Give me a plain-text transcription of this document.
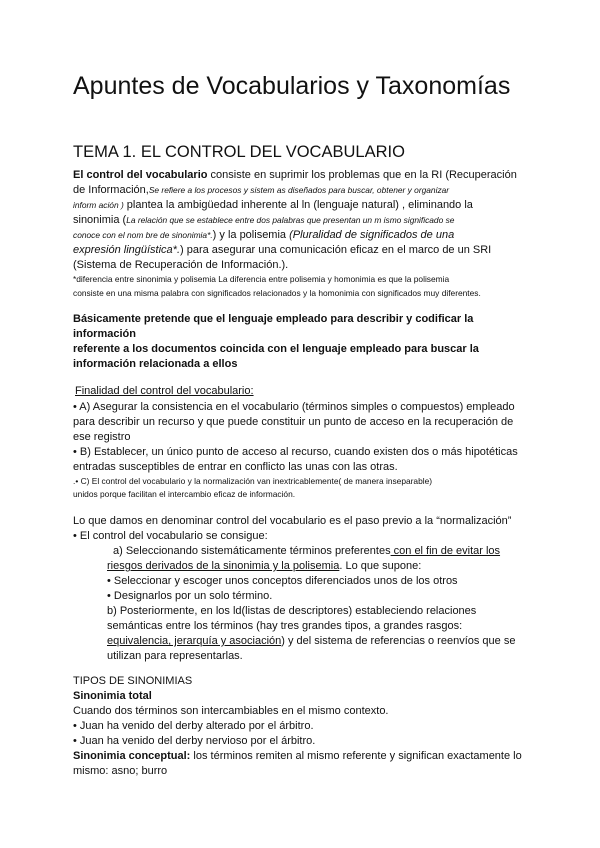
Apuntes de Vocabularios y Taxonomías
TEMA 1. EL CONTROL DEL VOCABULARIO
El control del vocabulario consiste en suprimir los problemas que en la RI (Recuperación
de Información,Se refiere a los procesos y sistem as diseñados para buscar, obtener y organizar
inform ación ) plantea la ambigüedad inherente al ln (lenguaje natural) , eliminando la
sinonimia (La relación que se establece entre dos palabras que presentan un m ismo significado se
conoce con el nom bre de sinonimia*.) y la polisemia (Pluralidad de significados de una
expresión lingüística*.) para asegurar una comunicación eficaz en el marco de un SRI
(Sistema de Recuperación de Información.).
*diferencia entre sinonimia y polisemia La diferencia entre polisemia y homonimia es que la polisemia
consiste en una misma palabra con significados relacionados y la homonimia con significados muy diferentes.
Básicamente pretende que el lenguaje empleado para describir y codificar la
información
referente a los documentos coincida con el lenguaje empleado para buscar la
información relacionada a ellos
Finalidad del control del vocabulario:
• A) Asegurar la consistencia en el vocabulario (términos simples o compuestos) empleado
para describir un recurso y que puede constituir un punto de acceso en la recuperación de
ese registro
• B) Establecer, un único punto de acceso al recurso, cuando existen dos o más hipotéticas
entradas susceptibles de entrar en conflicto las unas con las otras.
.• C) El control del vocabulario y la normalización van inextricablemente( de manera inseparable)
unidos porque facilitan el intercambio eficaz de información.
Lo que damos en denominar control del vocabulario es el paso previo a la “normalización”
• El control del vocabulario se consigue:
a) Seleccionando sistemáticamente términos preferentes con el fin de evitar los
riesgos derivados de la sinonimia y la polisemia. Lo que supone:
• Seleccionar y escoger unos conceptos diferenciados unos de los otros
• Designarlos por un solo término.
b) Posteriormente, en los ld(listas de descriptores) estableciendo relaciones
semánticas entre los términos (hay tres grandes tipos, a grandes rasgos:
equivalencia, jerarquía y asociación) y del sistema de referencias o reenvíos que se
utilizan para representarlas.
TIPOS DE SINONIMIAS
Sinonimia total
Cuando dos términos son intercambiables en el mismo contexto.
• Juan ha venido del derby alterado por el árbitro.
• Juan ha venido del derby nervioso por el árbitro.
Sinonimia conceptual: los términos remiten al mismo referente y significan exactamente lo
mismo: asno; burro
